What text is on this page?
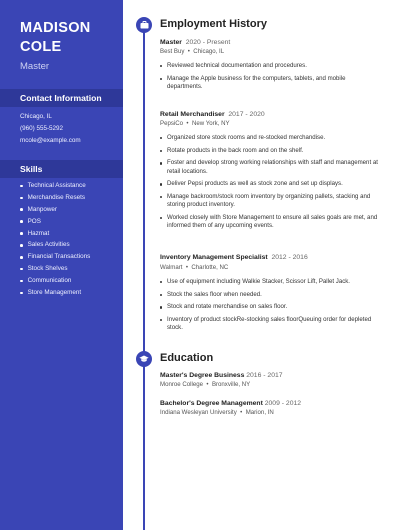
MADISON
COLE
Master
Contact Information
Chicago, IL
(960) 555-5292
mcole@example.com
Skills
Technical Assistance
Merchandise Resets
Manpower
POS
Hazmat
Sales Activities
Financial Transactions
Stock Shelves
Communication
Store Management
Employment History
Master 2020 - Present
Best Buy  •  Chicago, IL
Reviewed technical documentation and procedures.
Manage the Apple business for the computers, tablets, and mobile departments.
Retail Merchandiser 2017 - 2020
PepsiCo  •  New York, NY
Organized store stock rooms and re-stocked merchandise.
Rotate products in the back room and on the shelf.
Foster and develop strong working relationships with staff and management at retail locations.
Deliver Pepsi products as well as stock zone and set up displays.
Manage backroom/stock room inventory by organizing pallets, stacking and storing product inventory.
Worked closely with Store Management to ensure all sales goals are met, and informed them of any upcoming events.
Inventory Management Specialist 2012 - 2016
Walmart  •  Charlotte, NC
Use of equipment including Walkie Stacker, Scissor Lift, Pallet Jack.
Stock the sales floor when needed.
Stock and rotate merchandise on sales floor.
Inventory of product stockRe-stocking sales floorQueuing order for depleted stock.
Education
Master's Degree Business 2016 - 2017
Monroe College  •  Bronxville, NY
Bachelor's Degree Management 2009 - 2012
Indiana Wesleyan University  •  Marion, IN
